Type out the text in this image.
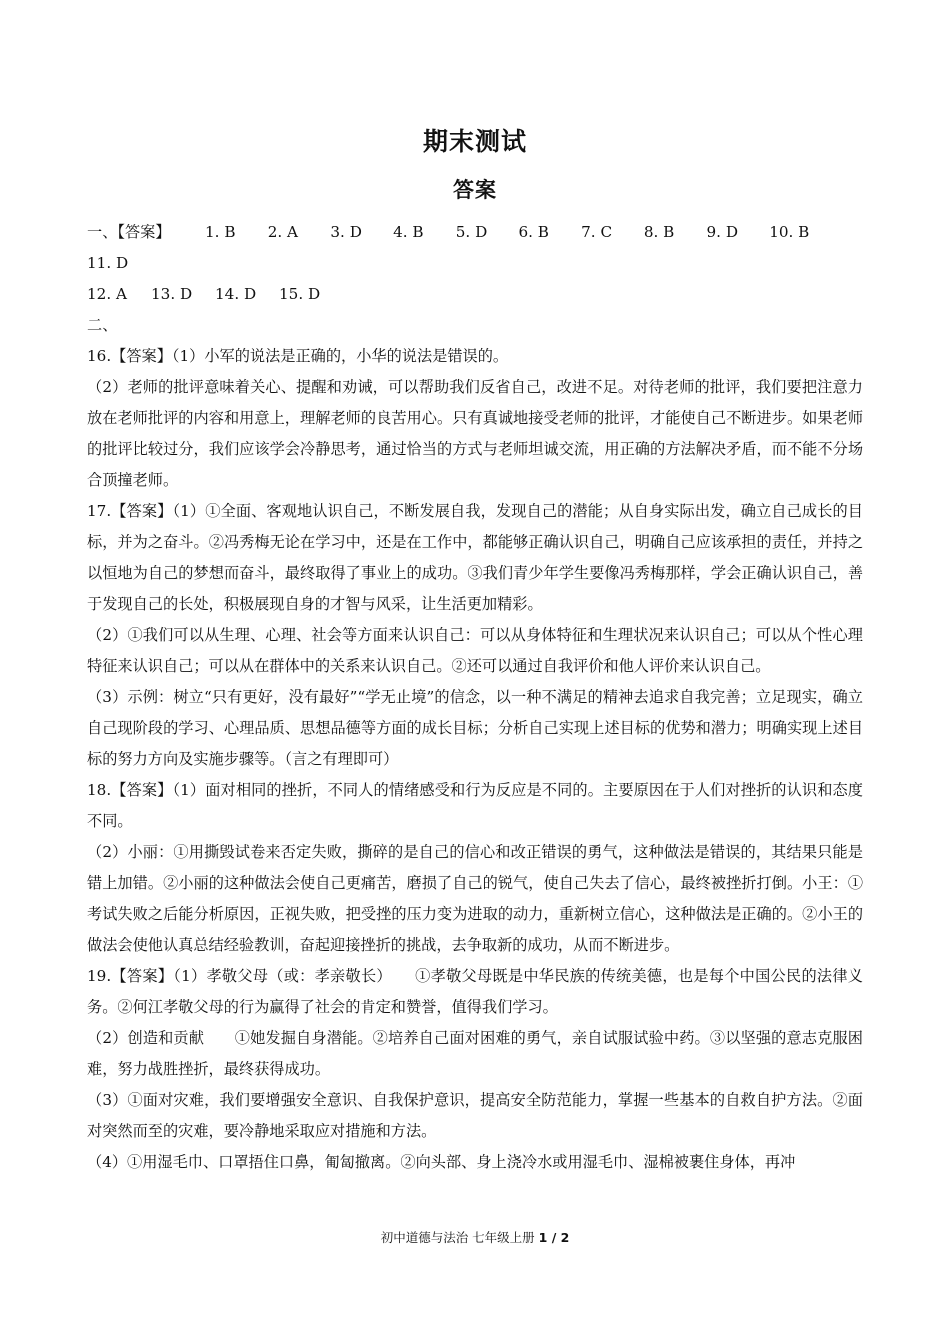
期末测试
答案
一、【答案】	1. B	2. A	3. D	4. B	5. D	6. B	7. C	8. B	9. D	10. B
11. D
12. A	13. D	14. D	15. D

二、

16.【答案】（1）小军的说法是正确的，小华的说法是错误的。

（2）老师的批评意味着关心、提醒和劝诫，可以帮助我们反省自己，改进不足。对待老师的批评，我们要把注意力放在老师批评的内容和用意上，理解老师的良苦用心。只有真诚地接受老师的批评，才能使自己不断进步。如果老师的批评比较过分，我们应该学会冷静思考，通过恰当的方式与老师坦诚交流，用正确的方法解决矛盾，而不能不分场合顶撞老师。

17.【答案】（1）①全面、客观地认识自己，不断发展自我，发现自己的潜能；从自身实际出发，确立自己成长的目标，并为之奋斗。②冯秀梅无论在学习中，还是在工作中，都能够正确认识自己，明确自己应该承担的责任，并持之以恒地为自己的梦想而奋斗，最终取得了事业上的成功。③我们青少年学生要像冯秀梅那样，学会正确认识自己，善于发现自己的长处，积极展现自身的才智与风采，让生活更加精彩。

（2）①我们可以从生理、心理、社会等方面来认识自己：可以从身体特征和生理状况来认识自己；可以从个性心理特征来认识自己；可以从在群体中的关系来认识自己。②还可以通过自我评价和他人评价来认识自己。

（3）示例：树立“只有更好，没有最好”“学无止境”的信念，以一种不满足的精神去追求自我完善；立足现实，确立自己现阶段的学习、心理品质、思想品德等方面的成长目标；分析自己实现上述目标的优势和潜力；明确实现上述目标的努力方向及实施步骤等。（言之有理即可）

18.【答案】（1）面对相同的挫折，不同人的情绪感受和行为反应是不同的。主要原因在于人们对挫折的认识和态度不同。

（2）小丽：①用撕毁试卷来否定失败，撕碎的是自己的信心和改正错误的勇气，这种做法是错误的，其结果只能是错上加错。②小丽的这种做法会使自己更痛苦，磨损了自己的锐气，使自己失去了信心，最终被挫折打倒。小王：①考试失败之后能分析原因，正视失败，把受挫的压力变为进取的动力，重新树立信心，这种做法是正确的。②小王的做法会使他认真总结经验教训，奋起迎接挫折的挑战，去争取新的成功，从而不断进步。

19.【答案】（1）孝敬父母（或：孝亲敬长）　　①孝敬父母既是中华民族的传统美德，也是每个中国公民的法律义务。②何江孝敬父母的行为赢得了社会的肯定和赞誉，值得我们学习。

（2）创造和贡献　　①她发掘自身潜能。②培养自己面对困难的勇气，亲自试服试验中药。③以坚强的意志克服困难，努力战胜挫折，最终获得成功。

（3）①面对灾难，我们要增强安全意识、自我保护意识，提高安全防范能力，掌握一些基本的自救自护方法。②面对突然而至的灾难，要冷静地采取应对措施和方法。

（4）①用湿毛巾、口罩捂住口鼻，匍匐撤离。②向头部、身上浇冷水或用湿毛巾、湿棉被裹住身体，再冲

初中道德与法治 七年级上册 1 / 2
